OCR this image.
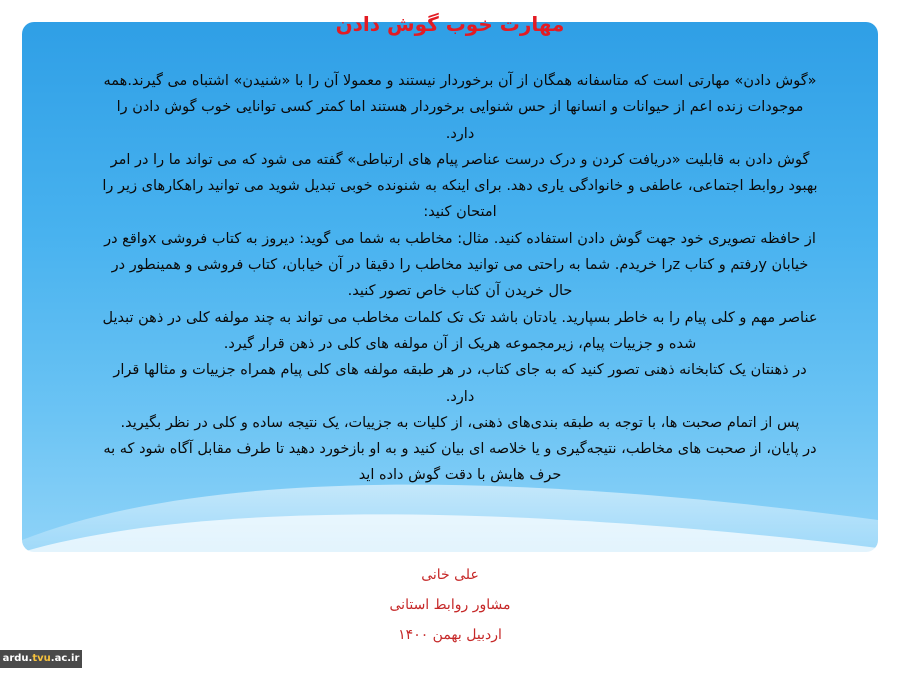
مهارت خوب گوش دادن

«گوش دادن» مهارتی است که متاسفانه همگان از آن برخوردار نیستند و معمولا آن را با «شنیدن» اشتباه می گیرند.همه موجودات زنده اعم از حیوانات و انسانها از حس شنوایی برخوردار هستند اما کمتر کسی توانایی خوب گوش دادن را دارد.

گوش دادن به قابلیت «دریافت کردن و درک درست عناصر پیام های ارتباطی» گفته می شود که می تواند ما را در امر بهبود روابط اجتماعی، عاطفی و خانوادگی یاری دهد. برای اینکه به شنونده خوبی تبدیل شوید می توانید راهکارهای زیر را امتحان کنید:

از حافظه تصویری خود جهت گوش دادن استفاده کنید. مثال: مخاطب به شما می گوید: دیروز به کتاب فروشی xواقع در خیابان yرفتم و کتاب zرا خریدم. شما به راحتی می توانید مخاطب را دقیقا در آن خیابان، کتاب فروشی و همینطور در حال خریدن آن کتاب خاص تصور کنید.

عناصر مهم و کلی پیام را به خاطر بسپارید. یادتان باشد تک تک کلمات مخاطب می تواند به چند مولفه کلی در ذهن تبدیل شده و جزییات پیام، زیرمجموعه هریک از آن مولفه های کلی در ذهن قرار گیرد.

در ذهنتان یک کتابخانه ذهنی تصور کنید که به جای کتاب، در هر طبقه مولفه های کلی پیام همراه جزییات و مثالها قرار دارد.

پس از اتمام صحبت ها، با توجه به طبقه بندی‌های ذهنی، از کلیات به جزییات، یک نتیجه ساده و کلی در نظر بگیرید.

در پایان، از صحبت های مخاطب، نتیجه‌گیری و یا خلاصه ای بیان کنید و به او بازخورد دهید تا طرف مقابل آگاه شود که به حرف هایش با دقت گوش داده اید

علی خانی
مشاور روابط استانی
اردبیل بهمن ۱۴۰۰
ardu.tvu.ac.ir
